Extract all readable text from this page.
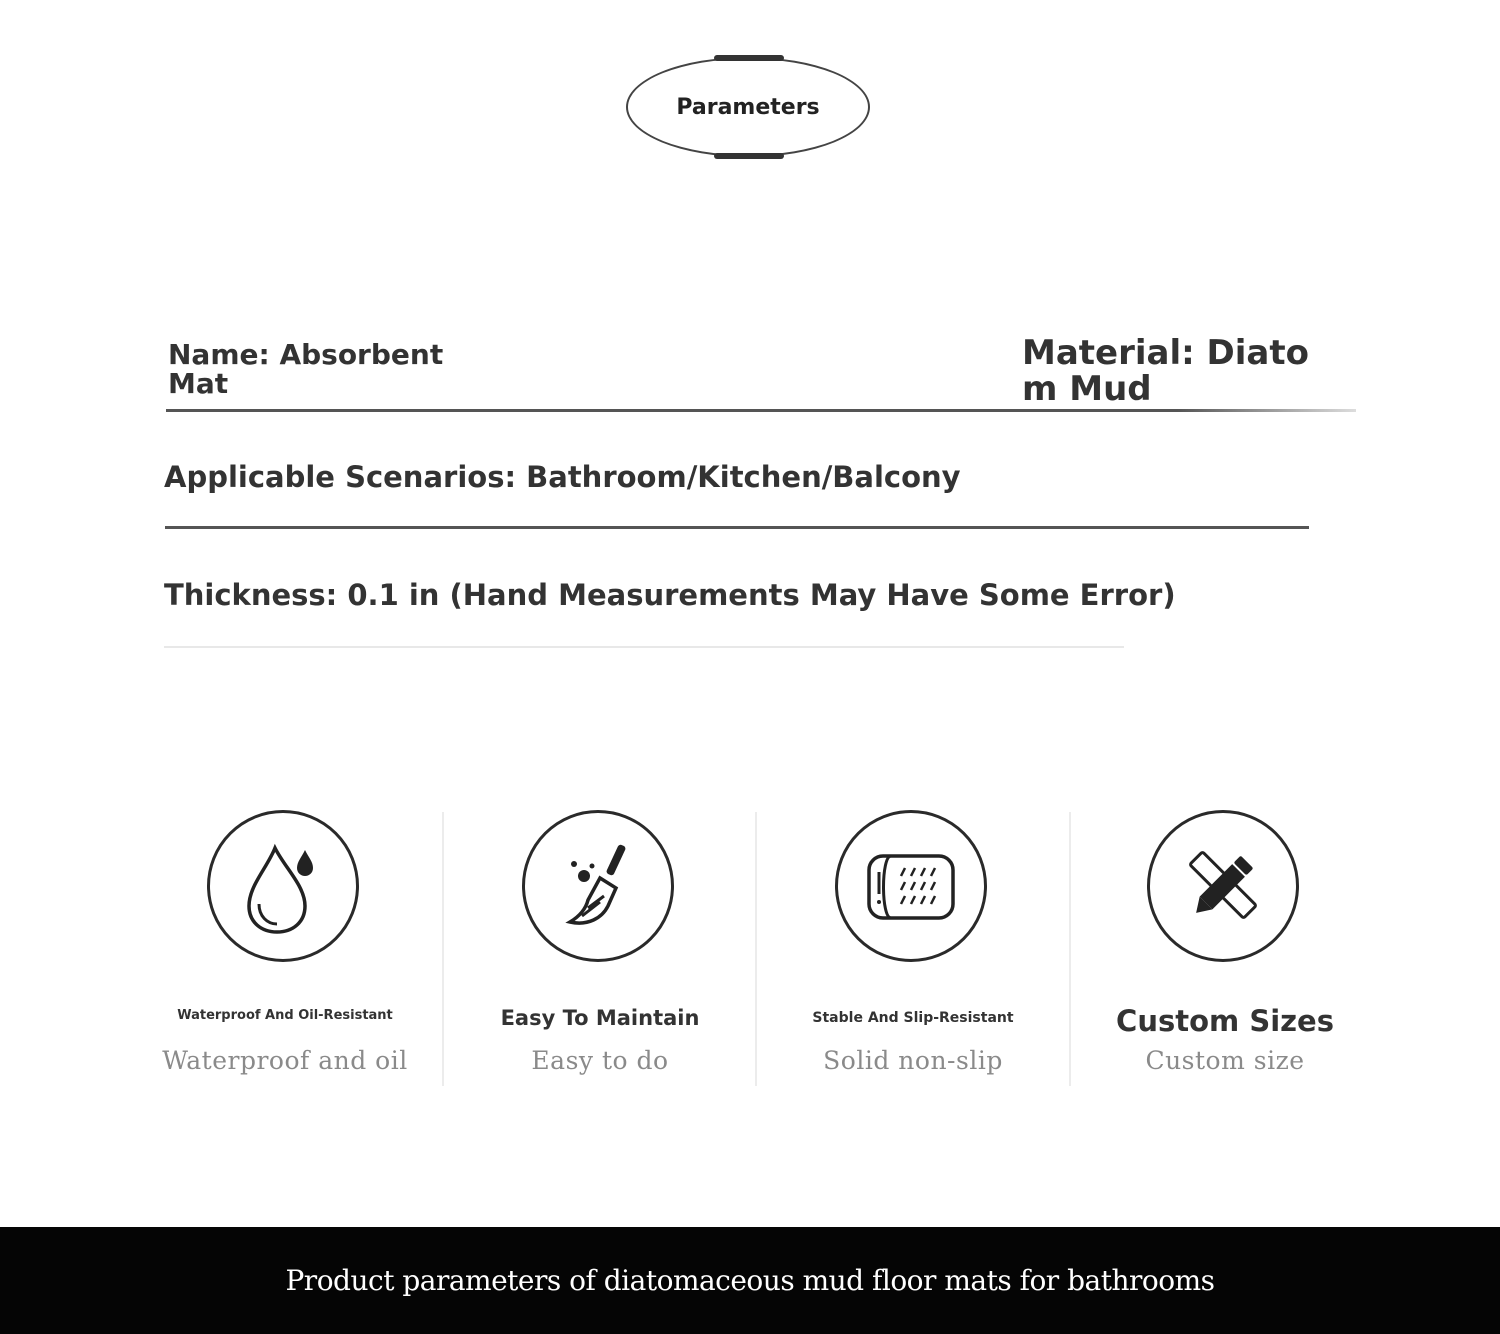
Parameters
Name: Absorbent Mat
Material: Diatom Mud
Applicable Scenarios: Bathroom/Kitchen/Balcony
Thickness: 0.1 in (Hand Measurements May Have Some Error)
Waterproof And Oil-Resistant
Waterproof and oil
Easy To Maintain
Easy to do
Stable And Slip-Resistant
Solid non-slip
Custom Sizes
Custom size
Product parameters of diatomaceous mud floor mats for bathrooms
